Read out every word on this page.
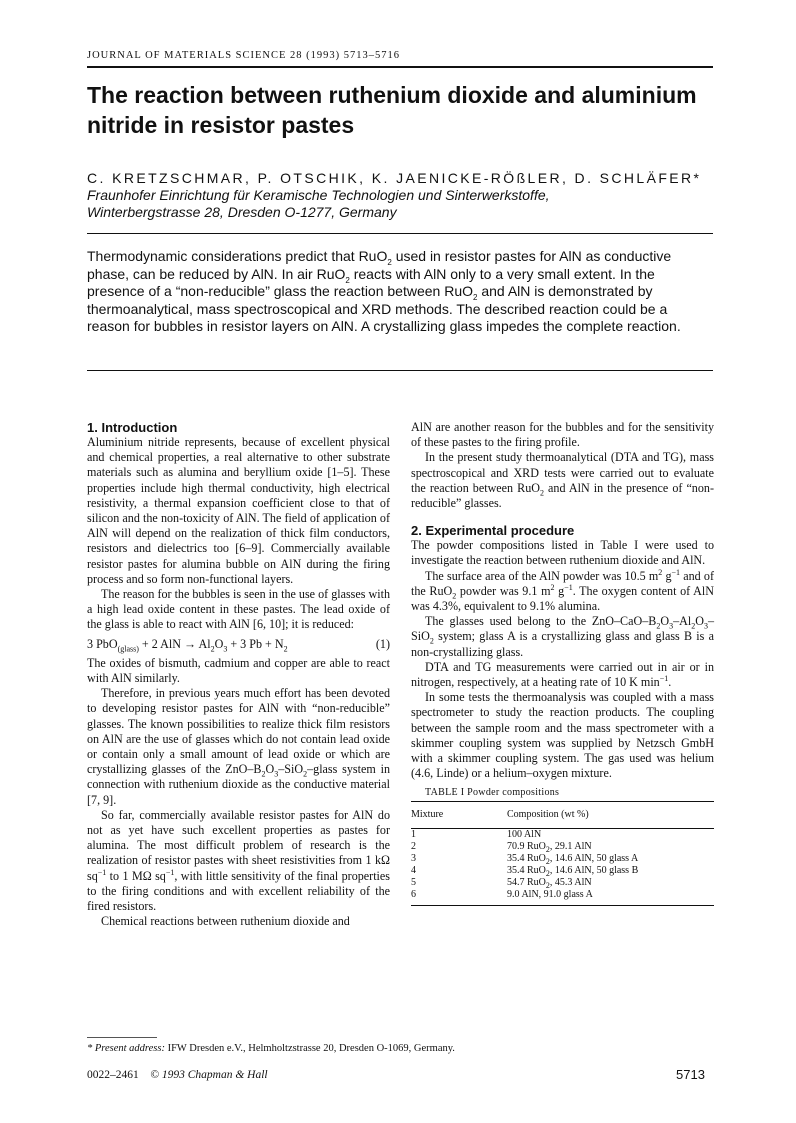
JOURNAL OF MATERIALS SCIENCE 28 (1993) 5713–5716
The reaction between ruthenium dioxide and aluminium nitride in resistor pastes
C. KRETZSCHMAR, P. OTSCHIK, K. JAENICKE-RÖßLER, D. SCHLÄFER*
Fraunhofer Einrichtung für Keramische Technologien und Sinterwerkstoffe,
Winterbergstrasse 28, Dresden O-1277, Germany

Thermodynamic considerations predict that RuO$_2$ used in resistor pastes for AlN as conductive phase, can be reduced by AlN. In air RuO$_2$ reacts with AlN only to a very small extent. In the presence of a “non-reducible” glass the reaction between RuO$_2$ and AlN is demonstrated by thermoanalytical, mass spectroscopical and XRD methods. The described reaction could be a reason for bubbles in resistor layers on AlN. A crystallizing glass impedes the complete reaction.

1. Introduction

Aluminium nitride represents, because of excellent physical and chemical properties, a real alternative to other substrate materials such as alumina and beryllium oxide [1–5]. These properties include high thermal conductivity, high electrical resistivity, a thermal expansion coefficient close to that of silicon and the non-toxicity of AlN. The field of application of AlN will depend on the realization of thick film conductors, resistors and dielectrics too [6–9]. Commercially available resistor pastes for alumina bubble on AlN during the firing process and so form non-functional layers.

The reason for the bubbles is seen in the use of glasses with a high lead oxide content in these pastes. The lead oxide of the glass is able to react with AlN [6, 10]; it is reduced:

3 PbO$_{(glass)}$ + 2 AlN → $Al_2O_3 + 3$ $Pb + N_2$	(1)

The oxides of bismuth, cadmium and copper are able to react with AlN similarly.

Therefore, in previous years much effort has been devoted to developing resistor pastes for AlN with “non-reducible” glasses. The known possibilities to realize thick film resistors on AlN are the use of glasses which do not contain lead oxide or contain only a small amount of lead oxide or which are crystallizing glasses of the ZnO–$B_2O_3-SiO_2$–glass system in connection with ruthenium dioxide as the conductive material [7, 9].

So far, commercially available resistor pastes for AlN do not as yet have such excellent properties as pastes for alumina. The most difficult problem of research is the realization of resistor pastes with sheet resistivities from 1 kΩ $sq^{-1}$ to 1 MΩ $sq^{-1}$, with little sensitivity of the final properties to the firing conditions and with excellent reliability of the fired resistors.

Chemical reactions between ruthenium dioxide and

AlN are another reason for the bubbles and for the sensitivity of these pastes to the firing profile.

In the present study thermoanalytical (DTA and TG), mass spectroscopical and XRD tests were carried out to evaluate the reaction between RuO$_2$ and AlN in the presence of “non-reducible” glasses.

2. Experimental procedure

The powder compositions listed in Table I were used to investigate the reaction between ruthenium dioxide and AlN.

The surface area of the AlN powder was 10.5 $m^2$ $g^{-1}$ and of the RuO$_2$ powder was 9.1 $m^2$ $g^{-1}$. The oxygen content of AlN was 4.3%, equivalent to 9.1% alumina.

The glasses used belong to the ZnO–$CaO-B_2O_3-Al_2O_3-SiO_2$ system; glass A is a crystallizing glass and glass B is a non-crystallizing glass.

DTA and TG measurements were carried out in air or in nitrogen, respectively, at a heating rate of 10 K $\min^{-1}$.

In some tests the thermoanalysis was coupled with a mass spectrometer to study the reaction products. The coupling between the sample room and the mass spectrometer with a skimmer coupling system was supplied by Netzsch GmbH with a skimmer coupling system. The gas used was helium (4.6, Linde) or a helium–oxygen mixture.

TABLE I Powder compositions

Mixture	Composition (wt %)

1	100 AlN
2	70.9 RuO$_2$, 29.1 AlN
3	35.4 RuO$_2$, 14.6 AlN, 50 glass A
4	35.4 RuO$_2$, 14.6 AlN, 50 glass B
5	54.7 RuO$_2$, 45.3 AlN
6	9.0 AlN, 91.0 glass A
* Present address: IFW Dresden e.V., Helmholtzstrasse 20, Dresden O-1069, Germany.
0022–2461 © 1993 Chapman & Hall	5713
